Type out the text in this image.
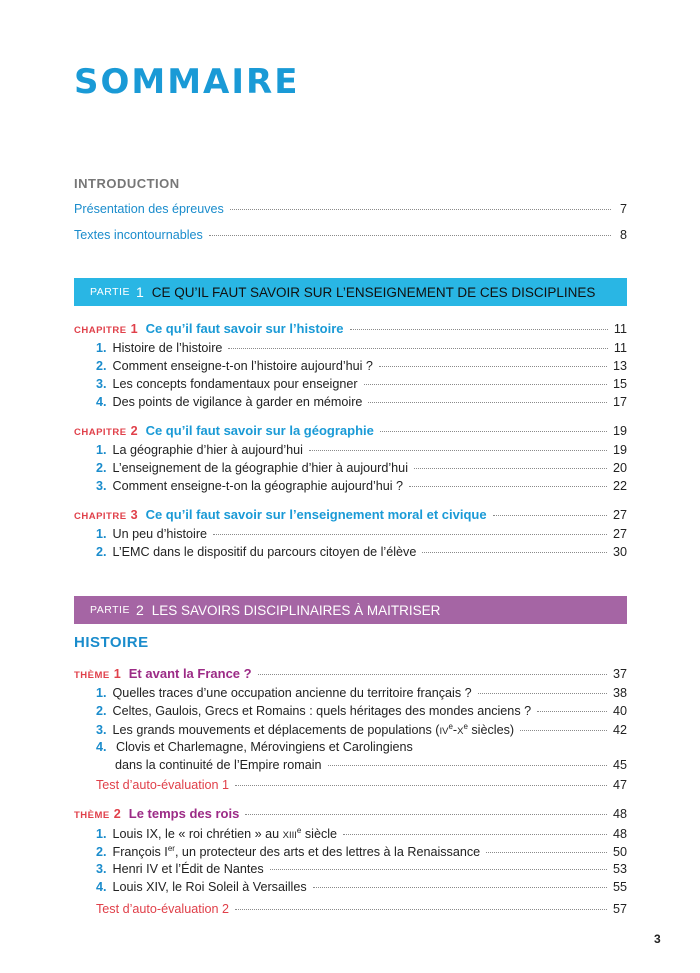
SOMMAIRE
INTRODUCTION
Présentation des épreuves	7
Textes incontournables	8
PARTIE 1 CE QU’IL FAUT SAVOIR SUR L’ENSEIGNEMENT DE CES DISCIPLINES
CHAPITRE 1 Ce qu’il faut savoir sur l’histoire	11
1. Histoire de l’histoire	11
2. Comment enseigne-t-on l’histoire aujourd’hui ?	13
3. Les concepts fondamentaux pour enseigner	15
4. Des points de vigilance à garder en mémoire	17
CHAPITRE 2 Ce qu’il faut savoir sur la géographie	19
1. La géographie d’hier à aujourd’hui	19
2. L’enseignement de la géographie d’hier à aujourd’hui	20
3. Comment enseigne-t-on la géographie aujourd’hui ?	22
CHAPITRE 3 Ce qu’il faut savoir sur l’enseignement moral et civique	27
1. Un peu d’histoire	27
2. L’EMC dans le dispositif du parcours citoyen de l’élève	30
PARTIE 2 LES SAVOIRS DISCIPLINAIRES À MAITRISER
HISTOIRE
THÈME 1 Et avant la France ?	37
1. Quelles traces d’une occupation ancienne du territoire français ?	38
2. Celtes, Gaulois, Grecs et Romains : quels héritages des mondes anciens ?	40
3. Les grands mouvements et déplacements de populations (IVe-Xe siècles)	42
4. Clovis et Charlemagne, Mérovingiens et Carolingiens
dans la continuité de l’Empire romain	45
Test d’auto-évaluation 1	47
THÈME 2 Le temps des rois	48
1. Louis IX, le « roi chrétien » au XIIIe siècle	48
2. François Ier, un protecteur des arts et des lettres à la Renaissance	50
3. Henri IV et l’Édit de Nantes	53
4. Louis XIV, le Roi Soleil à Versailles	55
Test d’auto-évaluation 2	57
3
